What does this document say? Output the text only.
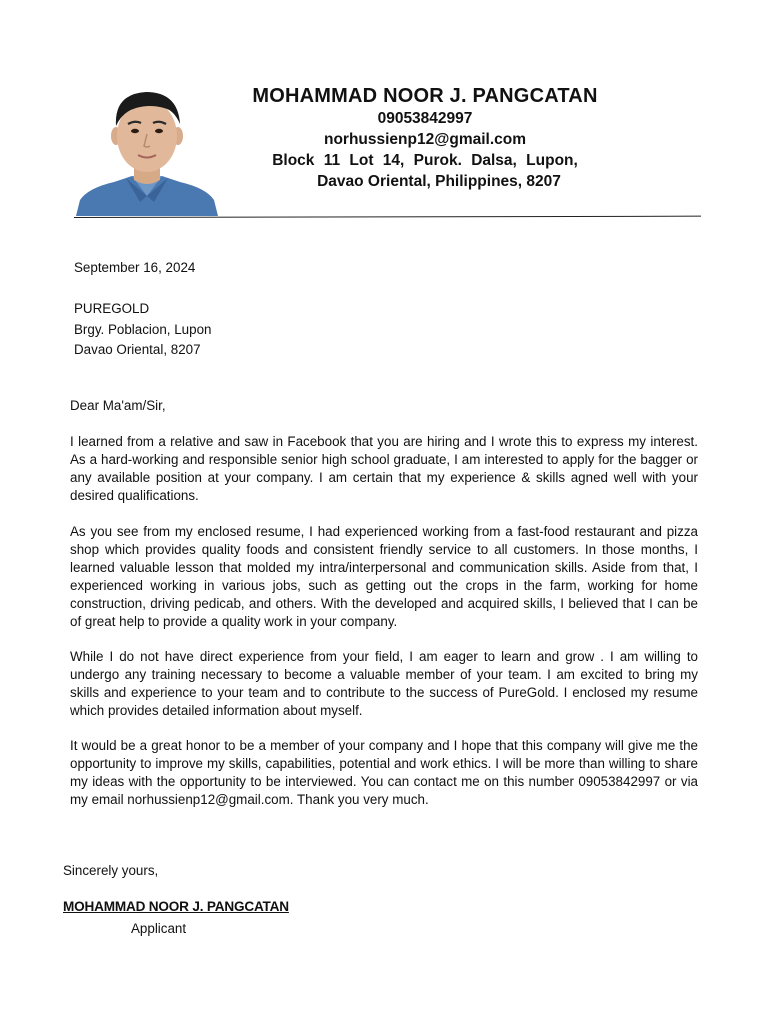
MOHAMMAD NOOR J. PANGCATAN
09053842997
norhussienp12@gmail.com
Block 11 Lot 14, Purok. Dalsa, Lupon,
Davao Oriental, Philippines, 8207
September 16, 2024
PUREGOLD
Brgy. Poblacion, Lupon
Davao Oriental, 8207
Dear Ma'am/Sir,

I learned from a relative and saw in Facebook that you are hiring and I wrote this to express my interest. As a hard-working and responsible senior high school graduate, I am interested to apply for the bagger or any available position at your company. I am certain that my experience & skills agned well with your desired qualifications.

As you see from my enclosed resume, I had experienced working from a fast-food restaurant and pizza shop which provides quality foods and consistent friendly service to all customers. In those months, I learned valuable lesson that molded my intra/interpersonal and communication skills. Aside from that, I experienced working in various jobs, such as getting out the crops in the farm, working for home construction, driving pedicab, and others. With the developed and acquired skills, I believed that I can be of great help to provide a quality work in your company.

While I do not have direct experience from your field, I am eager to learn and grow . I am willing to undergo any training necessary to become a valuable member of your team. I am excited to bring my skills and experience to your team and to contribute to the success of PureGold. I enclosed my resume which provides detailed information about myself.

It would be a great honor to be a member of your company and I hope that this company will give me the opportunity to improve my skills, capabilities, potential and work ethics. I will be more than willing to share my ideas with the opportunity to be interviewed. You can contact me on this number 09053842997 or via my email norhussienp12@gmail.com. Thank you very much.

Sincerely yours,
MOHAMMAD NOOR J. PANGCATAN
Applicant
